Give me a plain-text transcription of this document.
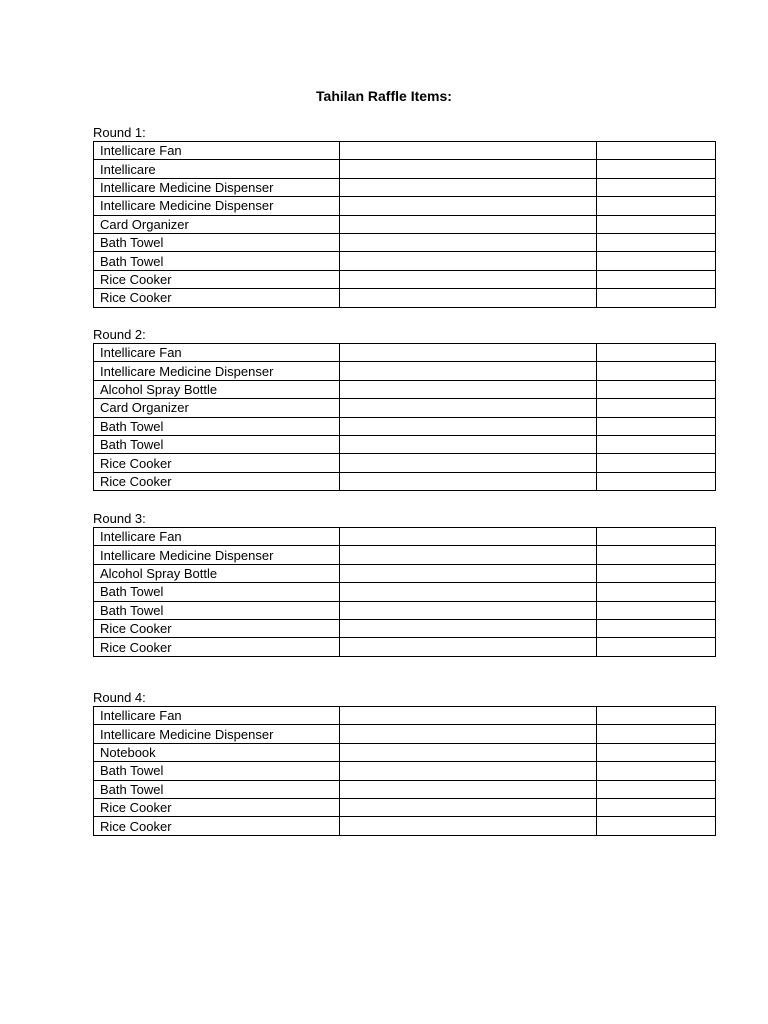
Tahilan Raffle Items:
Round 1:
Intellicare Fan		
Intellicare		
Intellicare Medicine Dispenser		
Intellicare Medicine Dispenser		
Card Organizer		
Bath Towel		
Bath Towel		
Rice Cooker		
Rice Cooker		
Round 2:
Intellicare Fan		
Intellicare Medicine Dispenser		
Alcohol Spray Bottle		
Card Organizer		
Bath Towel		
Bath Towel		
Rice Cooker		
Rice Cooker		
Round 3:
Intellicare Fan		
Intellicare Medicine Dispenser		
Alcohol Spray Bottle		
Bath Towel		
Bath Towel		
Rice Cooker		
Rice Cooker		
Round 4:
Intellicare Fan		
Intellicare Medicine Dispenser		
Notebook		
Bath Towel		
Bath Towel		
Rice Cooker		
Rice Cooker		
